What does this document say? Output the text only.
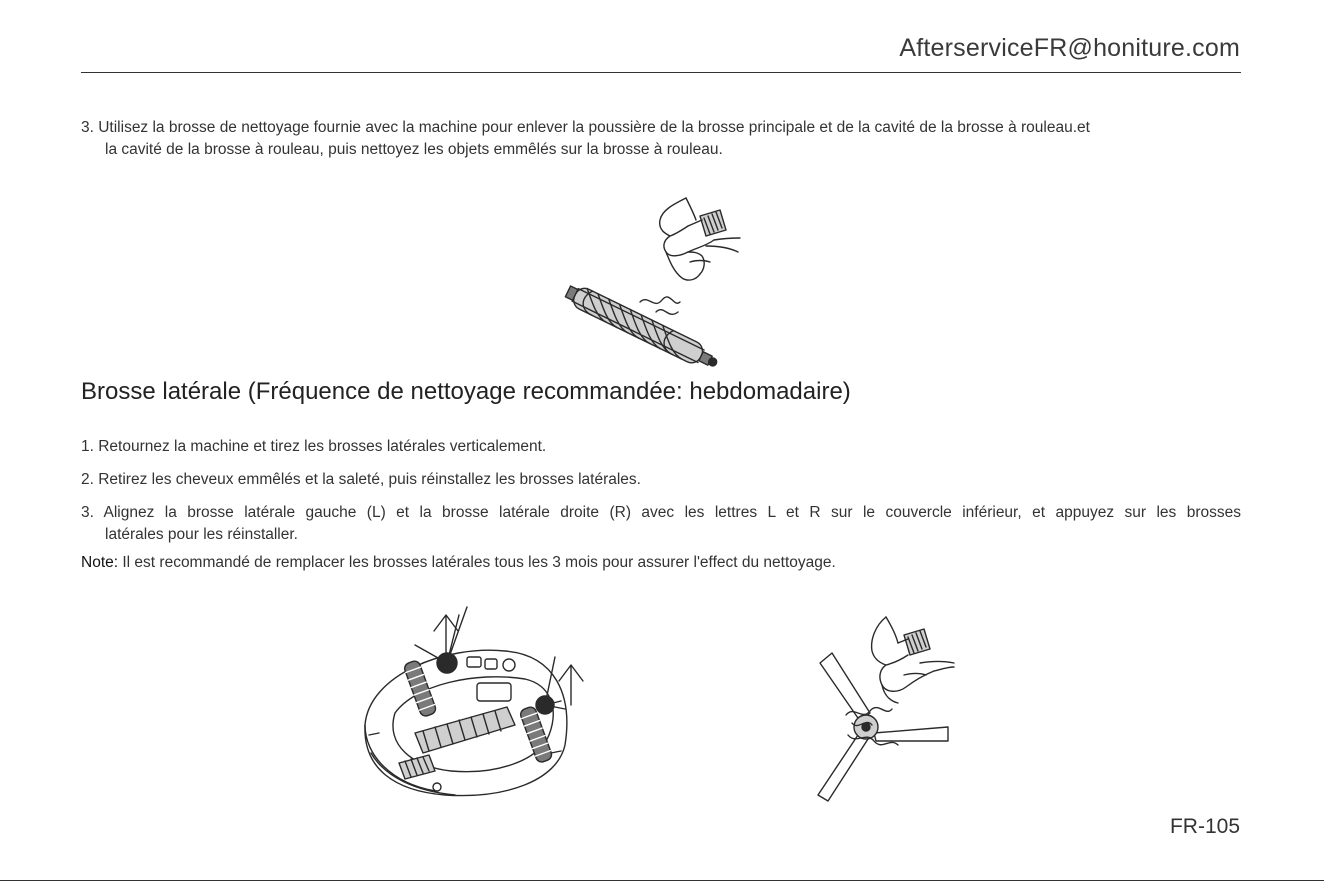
AfterserviceFR@honiture.com
3. Utilisez la brosse de nettoyage fournie avec la machine pour enlever la poussière de la brosse principale et de la cavité de la brosse à rouleau.et
la cavité de la brosse à rouleau, puis nettoyez les objets emmêlés sur la brosse à rouleau.
Brosse latérale (Fréquence de nettoyage recommandée: hebdomadaire)
1. Retournez la machine et tirez les brosses latérales verticalement.
2. Retirez les cheveux emmêlés et la saleté, puis réinstallez les brosses latérales.
3. Alignez la brosse latérale gauche (L) et la brosse latérale droite (R) avec les lettres L et R sur le couvercle inférieur, et appuyez sur les brosses
latérales pour les réinstaller.
Note: Il est recommandé de remplacer les brosses latérales tous les 3 mois pour assurer l'effect du nettoyage.
FR-105
